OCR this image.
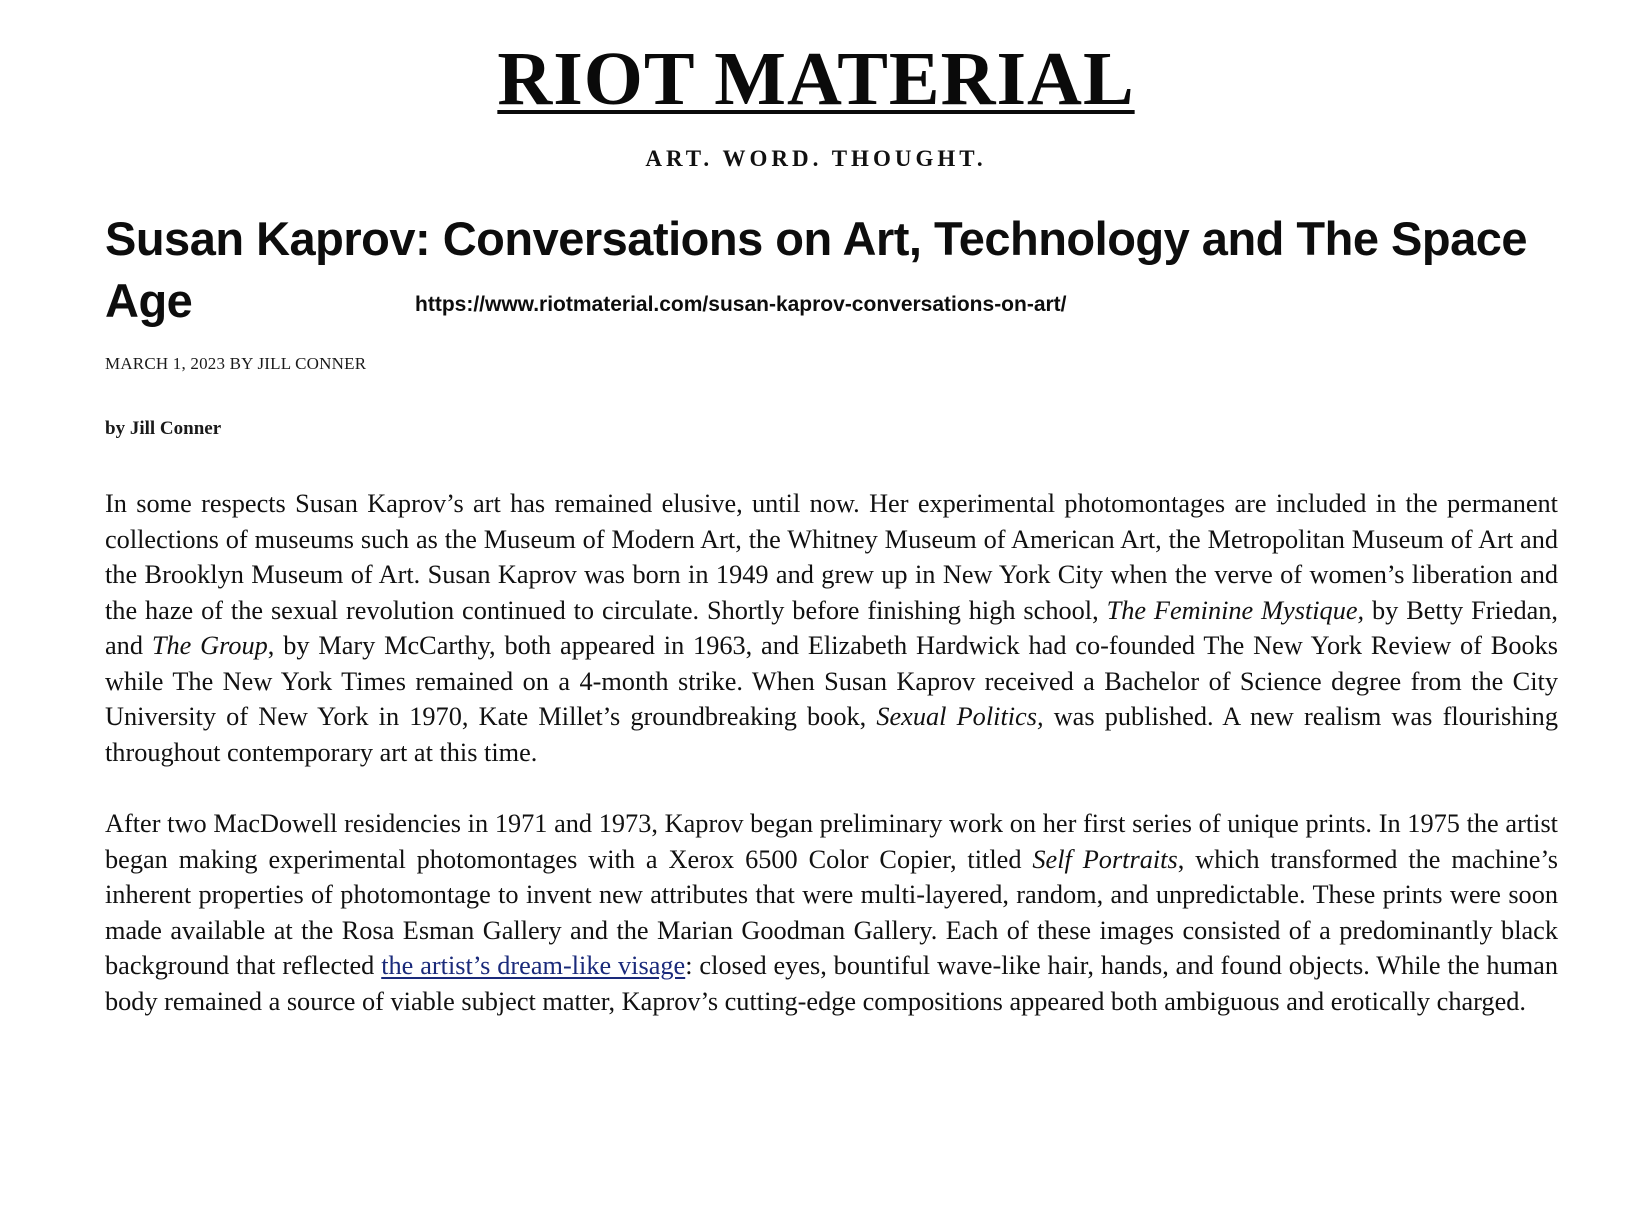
RIOT MATERIAL
ART. WORD. THOUGHT.
Susan Kaprov: Conversations on Art, Technology and The Space Age	https://www.riotmaterial.com/susan-kaprov-conversations-on-art/
MARCH 1, 2023 BY JILL CONNER
by Jill Conner

In some respects Susan Kaprov’s art has remained elusive, until now. Her experimental photomontages are included in the permanent collections of museums such as the Museum of Modern Art, the Whitney Museum of American Art, the Metropolitan Museum of Art and the Brooklyn Museum of Art. Susan Kaprov was born in 1949 and grew up in New York City when the verve of women’s liberation and the haze of the sexual revolution continued to circulate. Shortly before finishing high school, The Feminine Mystique, by Betty Friedan, and The Group, by Mary McCarthy, both appeared in 1963, and Elizabeth Hardwick had co-founded The New York Review of Books while The New York Times remained on a 4-month strike. When Susan Kaprov received a Bachelor of Science degree from the City University of New York in 1970, Kate Millet’s groundbreaking book, Sexual Politics, was published. A new realism was flourishing throughout contemporary art at this time.

After two MacDowell residencies in 1971 and 1973, Kaprov began preliminary work on her first series of unique prints. In 1975 the artist began making experimental photomontages with a Xerox 6500 Color Copier, titled Self Portraits, which transformed the machine’s inherent properties of photomontage to invent new attributes that were multi-layered, random, and unpredictable. These prints were soon made available at the Rosa Esman Gallery and the Marian Goodman Gallery. Each of these images consisted of a predominantly black background that reflected the artist’s dream-like visage: closed eyes, bountiful wave-like hair, hands, and found objects. While the human body remained a source of viable subject matter, Kaprov’s cutting-edge compositions appeared both ambiguous and erotically charged.
